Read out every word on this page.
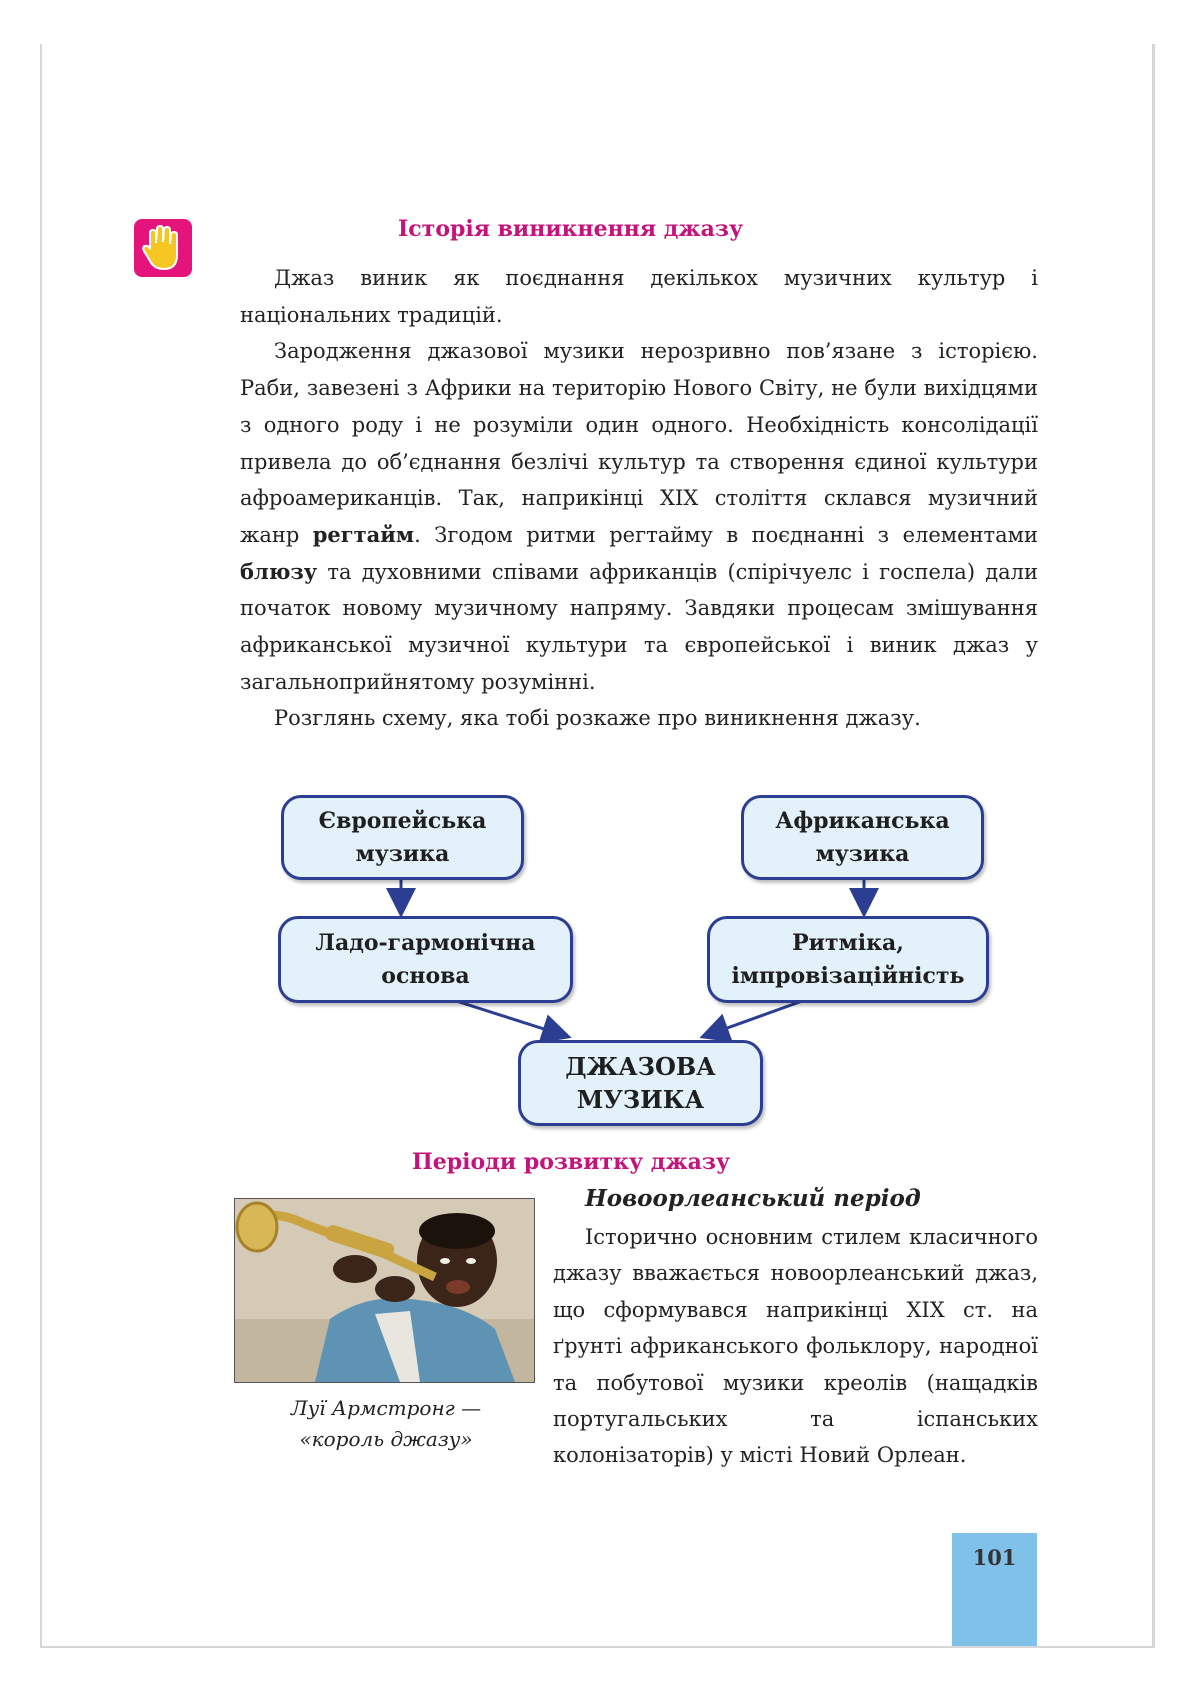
Історія виникнення джазу

Джаз виник як поєднання декількох музичних культур і національних традицій.

Зародження джазової музики нерозривно пов’язане з історією. Раби, завезені з Африки на територію Нового Світу, не були вихідцями з одного роду і не розуміли один одного. Необхідність консолідації привела до об’єднання безлічі культур та створення єдиної культури афроамериканців. Так, наприкінці XIX століття склався музичний жанр регтайм. Згодом ритми регтайму в поєднанні з елементами блюзу та духовними співами африканців (спірічуелс і госпела) дали початок новому музичному напряму. Завдяки процесам змішування африканської музичної культури та європейської і виник джаз у загальноприйнятому розумінні.

Розглянь схему, яка тобі розкаже про виникнення джазу.

Європейська
музика
Африканська
музика
Ладо-гармонічна
основа
Ритміка,
імпровізаційність
ДЖАЗОВА
МУЗИКА
Періоди розвитку джазу
Луї Армстронг —
«король джазу»
Новоорлеанський період

Історично основним стилем класичного джазу вважається новоорлеанський джаз, що сформувався наприкінці XIX ст. на ґрунті африканського фольклору, народної та побутової музики креолів (нащадків португальських та іспанських колонізаторів) у місті Новий Орлеан.

101
